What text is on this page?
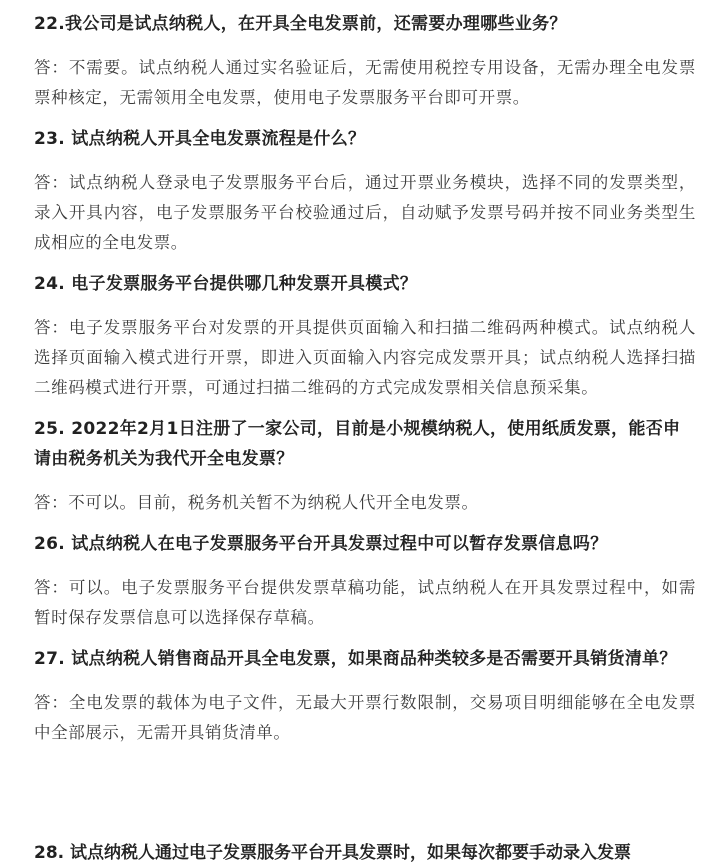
22.我公司是试点纳税人，在开具全电发票前，还需要办理哪些业务？

答：不需要。试点纳税人通过实名验证后，无需使用税控专用设备，无需办理全电发票票种核定，无需领用全电发票，使用电子发票服务平台即可开票。

23. 试点纳税人开具全电发票流程是什么？

答：试点纳税人登录电子发票服务平台后，通过开票业务模块，选择不同的发票类型，录入开具内容，电子发票服务平台校验通过后，自动赋予发票号码并按不同业务类型生成相应的全电发票。

24. 电子发票服务平台提供哪几种发票开具模式？

答：电子发票服务平台对发票的开具提供页面输入和扫描二维码两种模式。试点纳税人选择页面输入模式进行开票，即进入页面输入内容完成发票开具；试点纳税人选择扫描二维码模式进行开票，可通过扫描二维码的方式完成发票相关信息预采集。

25. 2022年2月1日注册了一家公司，目前是小规模纳税人，使用纸质发票，能否申请由税务机关为我代开全电发票？

答：不可以。目前，税务机关暂不为纳税人代开全电发票。

26. 试点纳税人在电子发票服务平台开具发票过程中可以暂存发票信息吗？

答：可以。电子发票服务平台提供发票草稿功能，试点纳税人在开具发票过程中，如需暂时保存发票信息可以选择保存草稿。

27. 试点纳税人销售商品开具全电发票，如果商品种类较多是否需要开具销货清单？

答：全电发票的载体为电子文件，无最大开票行数限制，交易项目明细能够在全电发票中全部展示，无需开具销货清单。

28. 试点纳税人通过电子发票服务平台开具发票时，如果每次都要手动录入发票
